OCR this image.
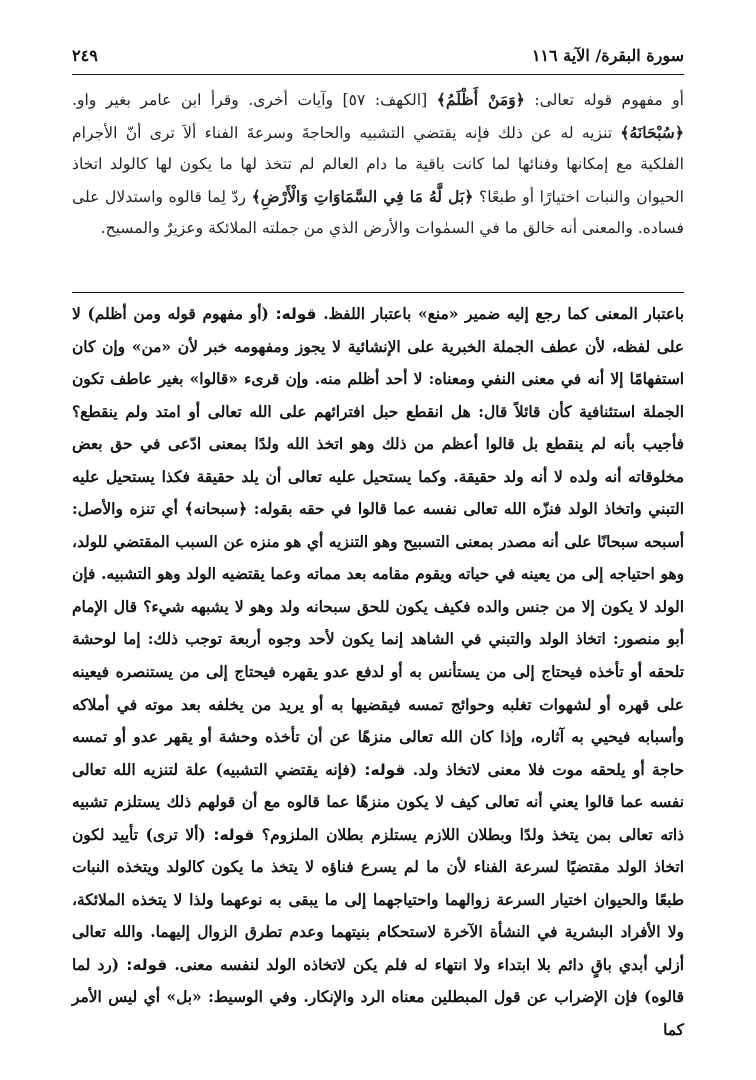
سورة البقرة/ الآية ١١٦
٢٤٩
أو مفهوم قوله تعالى: ﴿وَمَنْ أَظْلَمُ﴾ [الكهف: ٥٧] وآيات أخرى. وقرأ ابن عامر بغير واو. ﴿سُبْحَانَهُ﴾ تنزيه له عن ذلك فإنه يقتضي التشبيه والحاجةَ وسرعةَ الفناء ألاَ ترى أنّ الأجرام الفلكية مع إمكانها وفنائها لما كانت باقية ما دام العالم لم تتخذ لها ما يكون لها كالولد اتخاذ الحيوان والنبات اختيارًا أو طبعًا؟ ﴿بَل لَّهُ مَا فِي السَّمَاوَاتِ وَالْأَرْضِ﴾ ردّ لِما قالوه واستدلال على فساده. والمعنى أنه خالق ما في السمٰوات والأرض الذي من جملته الملائكة وعزيرٌ والمسيح.
باعتبار المعنى كما رجع إليه ضمير «منع» باعتبار اللفظ. قوله: (أو مفهوم قوله ومن أظلم) لا على لفظه، لأن عطف الجملة الخبرية على الإنشائية لا يجوز ومفهومه خبر لأن «من» وإن كان استفهامًا إلا أنه في معنى النفي ومعناه: لا أحد أظلم منه. وإن قرىء «قالوا» بغير عاطف تكون الجملة استئنافية كأن قائلاً قال: هل انقطع حبل افترائهم على الله تعالى أو امتد ولم ينقطع؟ فأجيب بأنه لم ينقطع بل قالوا أعظم من ذلك وهو اتخذ الله ولدًا بمعنى ادّعى في حق بعض مخلوقاته أنه ولده لا أنه ولد حقيقة. وكما يستحيل عليه تعالى أن يلد حقيقة فكذا يستحيل عليه التبني واتخاذ الولد فنزّه الله تعالى نفسه عما قالوا في حقه بقوله: ﴿سبحانه﴾ أي تنزه والأصل: أسبحه سبحانًا على أنه مصدر بمعنى التسبيح وهو التنزيه أي هو منزه عن السبب المقتضي للولد، وهو احتياجه إلى من يعينه في حياته ويقوم مقامه بعد مماته وعما يقتضيه الولد وهو التشبيه. فإن الولد لا يكون إلا من جنس والده فكيف يكون للحق سبحانه ولد وهو لا يشبهه شيء؟ قال الإمام أبو منصور: اتخاذ الولد والتبني في الشاهد إنما يكون لأحد وجوه أربعة توجب ذلك: إما لوحشة تلحقه أو تأخذه فيحتاج إلى من يستأنس به أو لدفع عدو يقهره فيحتاج إلى من يستنصره فيعينه على قهره أو لشهوات تغلبه وحوائج تمسه فيقضيها به أو يريد من يخلفه بعد موته في أملاكه وأسبابه فيحيي به آثاره، وإذا كان الله تعالى منزهًا عن أن تأخذه وحشة أو يقهر عدو أو تمسه حاجة أو يلحقه موت فلا معنى لاتخاذ ولد. قوله: (فإنه يقتضي التشبيه) علة لتنزيه الله تعالى نفسه عما قالوا يعني أنه تعالى كيف لا يكون منزهًا عما قالوه مع أن قولهم ذلك يستلزم تشبيه ذاته تعالى بمن يتخذ ولدًا وبطلان اللازم يستلزم بطلان الملزوم؟ قوله: (ألا ترى) تأييد لكون اتخاذ الولد مقتضيًا لسرعة الفناء لأن ما لم يسرع فناؤه لا يتخذ ما يكون كالولد ويتخذه النبات طبعًا والحيوان اختيار السرعة زوالهما واحتياجهما إلى ما يبقى به نوعهما ولذا لا يتخذه الملائكة، ولا الأفراد البشرية في النشأة الآخرة لاستحكام بنيتهما وعدم تطرق الزوال إليهما. والله تعالى أزلي أبدي باقٍ دائم بلا ابتداء ولا انتهاء له فلم يكن لاتخاذه الولد لنفسه معنى. قوله: (رد لما قالوه) فإن الإضراب عن قول المبطلين معناه الرد والإنكار. وفي الوسيط: «بل» أي ليس الأمر كما
